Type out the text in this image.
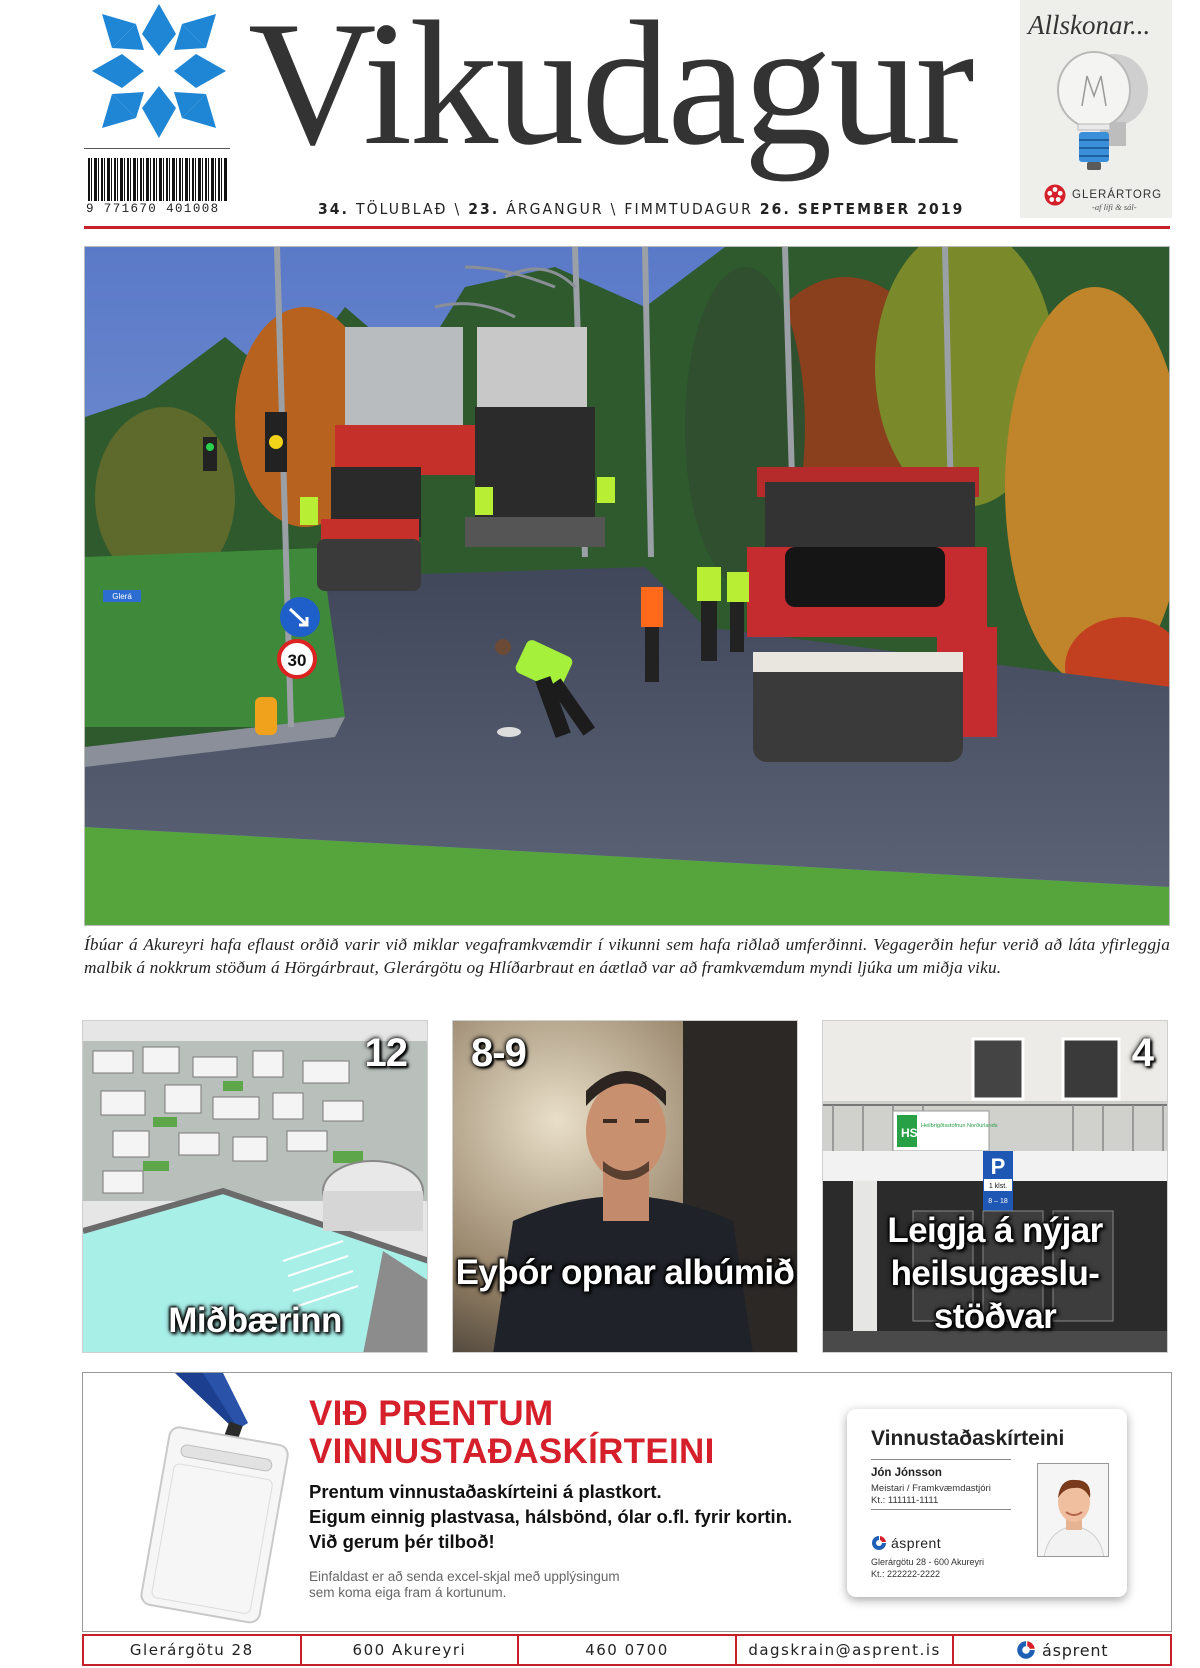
9 771670 401008
Vikudagur
34. TÖLUBLAÐ \ 23. ÁRGANGUR \ FIMMTUDAGUR 26. SEPTEMBER 2019
Allskonar...
GLERÁRTORG
-af lífi & sál-
30
Glerá
Íbúar á Akureyri hafa eflaust orðið varir við miklar vegaframkvæmdir í vikunni sem hafa riðlað umferðinni. Vegagerðin hefur verið að láta yfirleggja malbik á nokkrum stöðum á Hörgárbraut, Glerárgötu og Hlíðarbraut en áætlað var að framkvæmdum myndi ljúka um miðja viku.
12
Miðbærinn
8-9
Eyþór opnar albúmið
HSN
Heilbrigðisstofnun Norðurlands
P
1 klst.
8 – 18
4
Leigja á nýjar heilsugæslu-stöðvar
VIÐ PRENTUM
VINNUSTAÐASKÍRTEINI
Prentum vinnustaðaskírteini á plastkort.
Eigum einnig plastvasa, hálsbönd, ólar o.fl. fyrir kortin.
Við gerum þér tilboð!
Einfaldast er að senda excel-skjal með upplýsingum
sem koma eiga fram á kortunum.
Vinnustaðaskírteini
Jón Jónsson
Meistari / Framkvæmdastjóri
Kt.: 111111-1111
ásprent
Glerárgötu 28 - 600 Akureyri
Kt.: 222222-2222
Glerárgötu 28	600 Akureyri	460 0700	dagskrain@asprent.is	ásprent
